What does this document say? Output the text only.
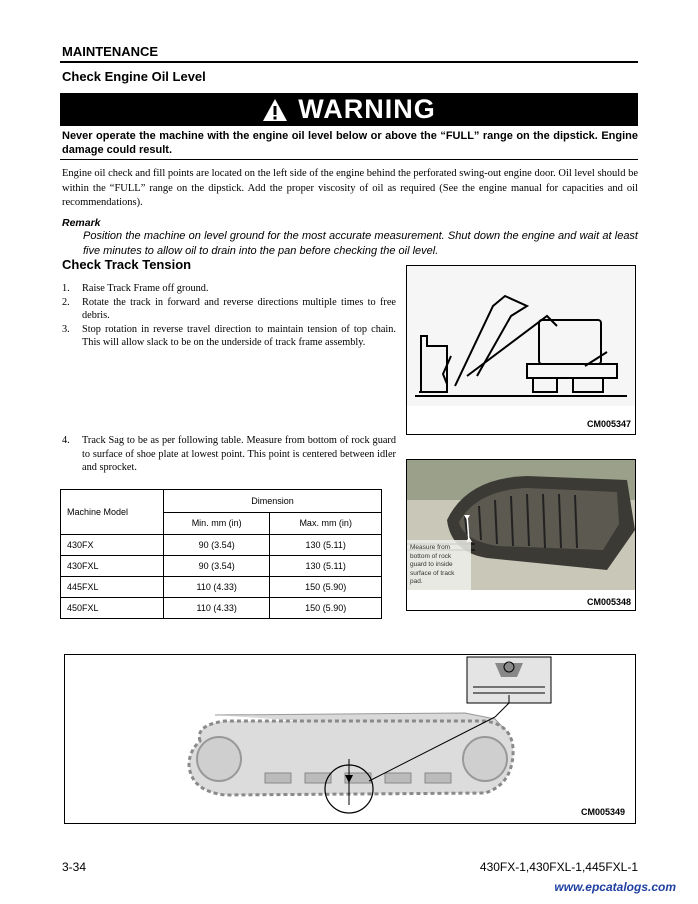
MAINTENANCE
Check Engine Oil Level
WARNING
Never operate the machine with the engine oil level below or above the “FULL” range on the dipstick. Engine damage could result.
Engine oil check and fill points are located on the left side of the engine behind the perforated swing-out engine door. Oil level should be within the “FULL” range on the dipstick. Add the proper viscosity of oil as required (See the engine manual for capacities and oil recommendations).
Remark
Position the machine on level ground for the most accurate measurement. Shut down the engine and wait at least five minutes to allow oil to drain into the pan before checking the oil level.
Check Track Tension
1.	Raise Track Frame off ground.
2.	Rotate the track in forward and reverse directions multiple times to free debris.
3.	Stop rotation in reverse travel direction to maintain tension of top chain. This will allow slack to be on the underside of track frame assembly.
4.	Track Sag to be as per following table. Measure from bottom of rock guard to surface of shoe plate at lowest point. This point is centered between idler and sprocket.
CM005347
Measure from
bottom of rock
guard to inside
surface of track
pad.
CM005348
Machine Model	Dimension	
	Min. mm (in)	Max. mm (in)
430FX	90 (3.54)	130 (5.11)
430FXL	90 (3.54)	130 (5.11)
445FXL	110 (4.33)	150 (5.90)
450FXL	110 (4.33)	150 (5.90)
CM005349
3-34	430FX-1,430FXL-1,445FXL-1
www.epcatalogs.com
